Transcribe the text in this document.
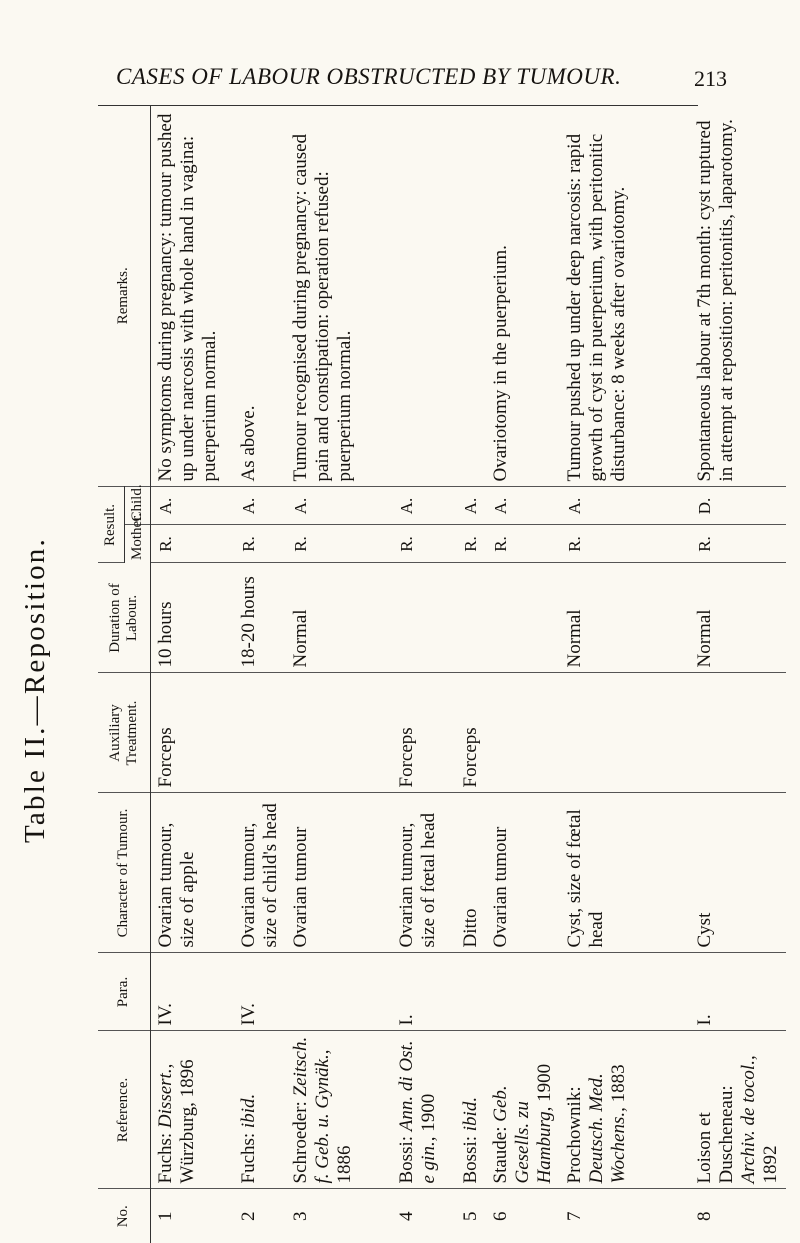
CASES OF LABOUR OBSTRUCTED BY TUMOUR.	213
Table II.—Reposition.
No.	Reference.	Para.	Character of Tumour.	Auxiliary Treatment.	Duration of Labour.	Result.		Remarks.
						Mother.	Child.	
1	Fuchs: Dissert., Würzburg, 1896	IV.	Ovarian tumour, size of apple	Forceps	10 hours	R.	A.	No symptoms during pregnancy: tumour pushed up under narcosis with whole hand in vagina: puerperium normal.
2	Fuchs: ibid.	IV.	Ovarian tumour, size of child's head		18-20 hours	R.	A.	As above.
3	Schroeder: Zeitsch. f. Geb. u. Gynäk., 1886		Ovarian tumour		Normal	R.	A.	Tumour recognised during pregnancy: caused pain and constipation: operation refused: puerperium normal.
4	Bossi: Ann. di Ost. e gin., 1900	I.	Ovarian tumour, size of fœtal head	Forceps		R.	A.	
5	Bossi: ibid.		Ditto	Forceps		R.	A.	
6	Staude: Geb. Gesells. zu Hamburg, 1900		Ovarian tumour			R.	A.	Ovariotomy in the puerperium.
7	Prochownik: Deutsch. Med. Wochens., 1883		Cyst, size of fœtal head		Normal	R.	A.	Tumour pushed up under deep narcosis: rapid growth of cyst in puerperium, with peritonitic disturbance: 8 weeks after ovariotomy.
8	Loison et Duscheneau: Archiv. de tocol., 1892	I.	Cyst		Normal	R.	D.	Spontaneous labour at 7th month: cyst ruptured in attempt at reposition: peritonitis, laparotomy.
